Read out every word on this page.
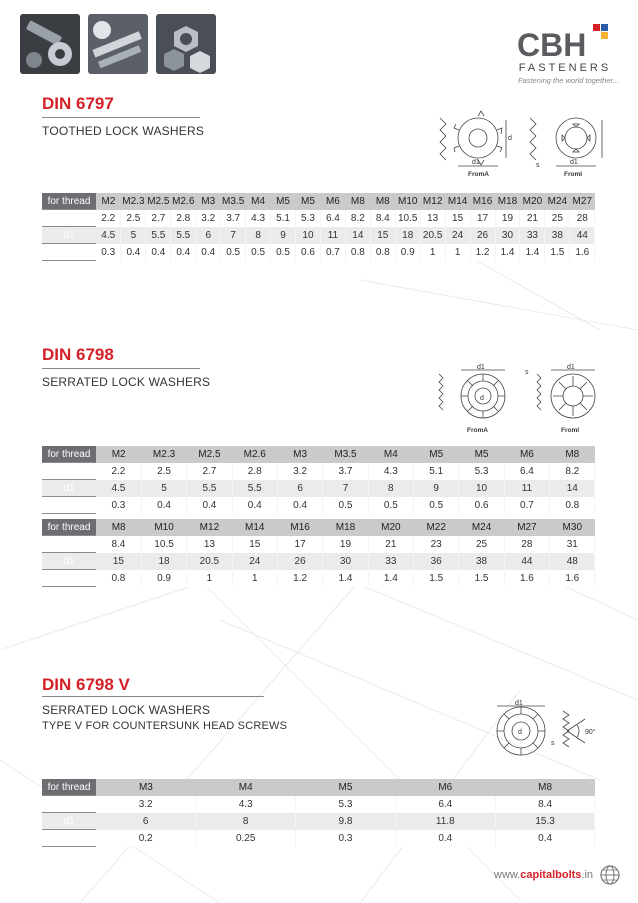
CBH
FASTENERS
Fastening the world together...
DIN 6797
TOOTHED LOCK WASHERS
d1
d
s	d1
FromA	FromI
for thread	M2	M2.3	M2.5	M2.6	M3	M3.5	M4	M5	M5	M6	M8	M8	M10	M12	M14	M16	M18	M20	M24	M27
d	2.2	2.5	2.7	2.8	3.2	3.7	4.3	5.1	5.3	6.4	8.2	8.4	10.5	13	15	17	19	21	25	28
d1	4.5	5	5.5	5.5	6	7	8	9	10	11	14	15	18	20.5	24	26	30	33	38	44
s	0.3	0.4	0.4	0.4	0.4	0.5	0.5	0.5	0.6	0.7	0.8	0.8	0.9	1	1	1.2	1.4	1.4	1.5	1.6
DIN 6798
SERRATED LOCK WASHERS
d1
d
s
d1
FromA	FromI
for thread	M2	M2.3	M2.5	M2.6	M3	M3.5	M4	M5	M5	M6	M8
d	2.2	2.5	2.7	2.8	3.2	3.7	4.3	5.1	5.3	6.4	8.2
d1	4.5	5	5.5	5.5	6	7	8	9	10	11	14
s	0.3	0.4	0.4	0.4	0.4	0.5	0.5	0.5	0.6	0.7	0.8
for thread	M8	M10	M12	M14	M16	M18	M20	M22	M24	M27	M30
d	8.4	10.5	13	15	17	19	21	23	25	28	31
d1	15	18	20.5	24	26	30	33	36	38	44	48
s	0.8	0.9	1	1	1.2	1.4	1.4	1.5	1.5	1.6	1.6
DIN 6798 V
SERRATED LOCK WASHERS
TYPE V FOR COUNTERSUNK HEAD SCREWS
d1
d
s
90°
for thread	M3	M4	M5	M6	M8
d	3.2	4.3	5.3	6.4	8.4
d1	6	8	9.8	11.8	15.3
s	0.2	0.25	0.3	0.4	0.4
www.capitalbolts.in
